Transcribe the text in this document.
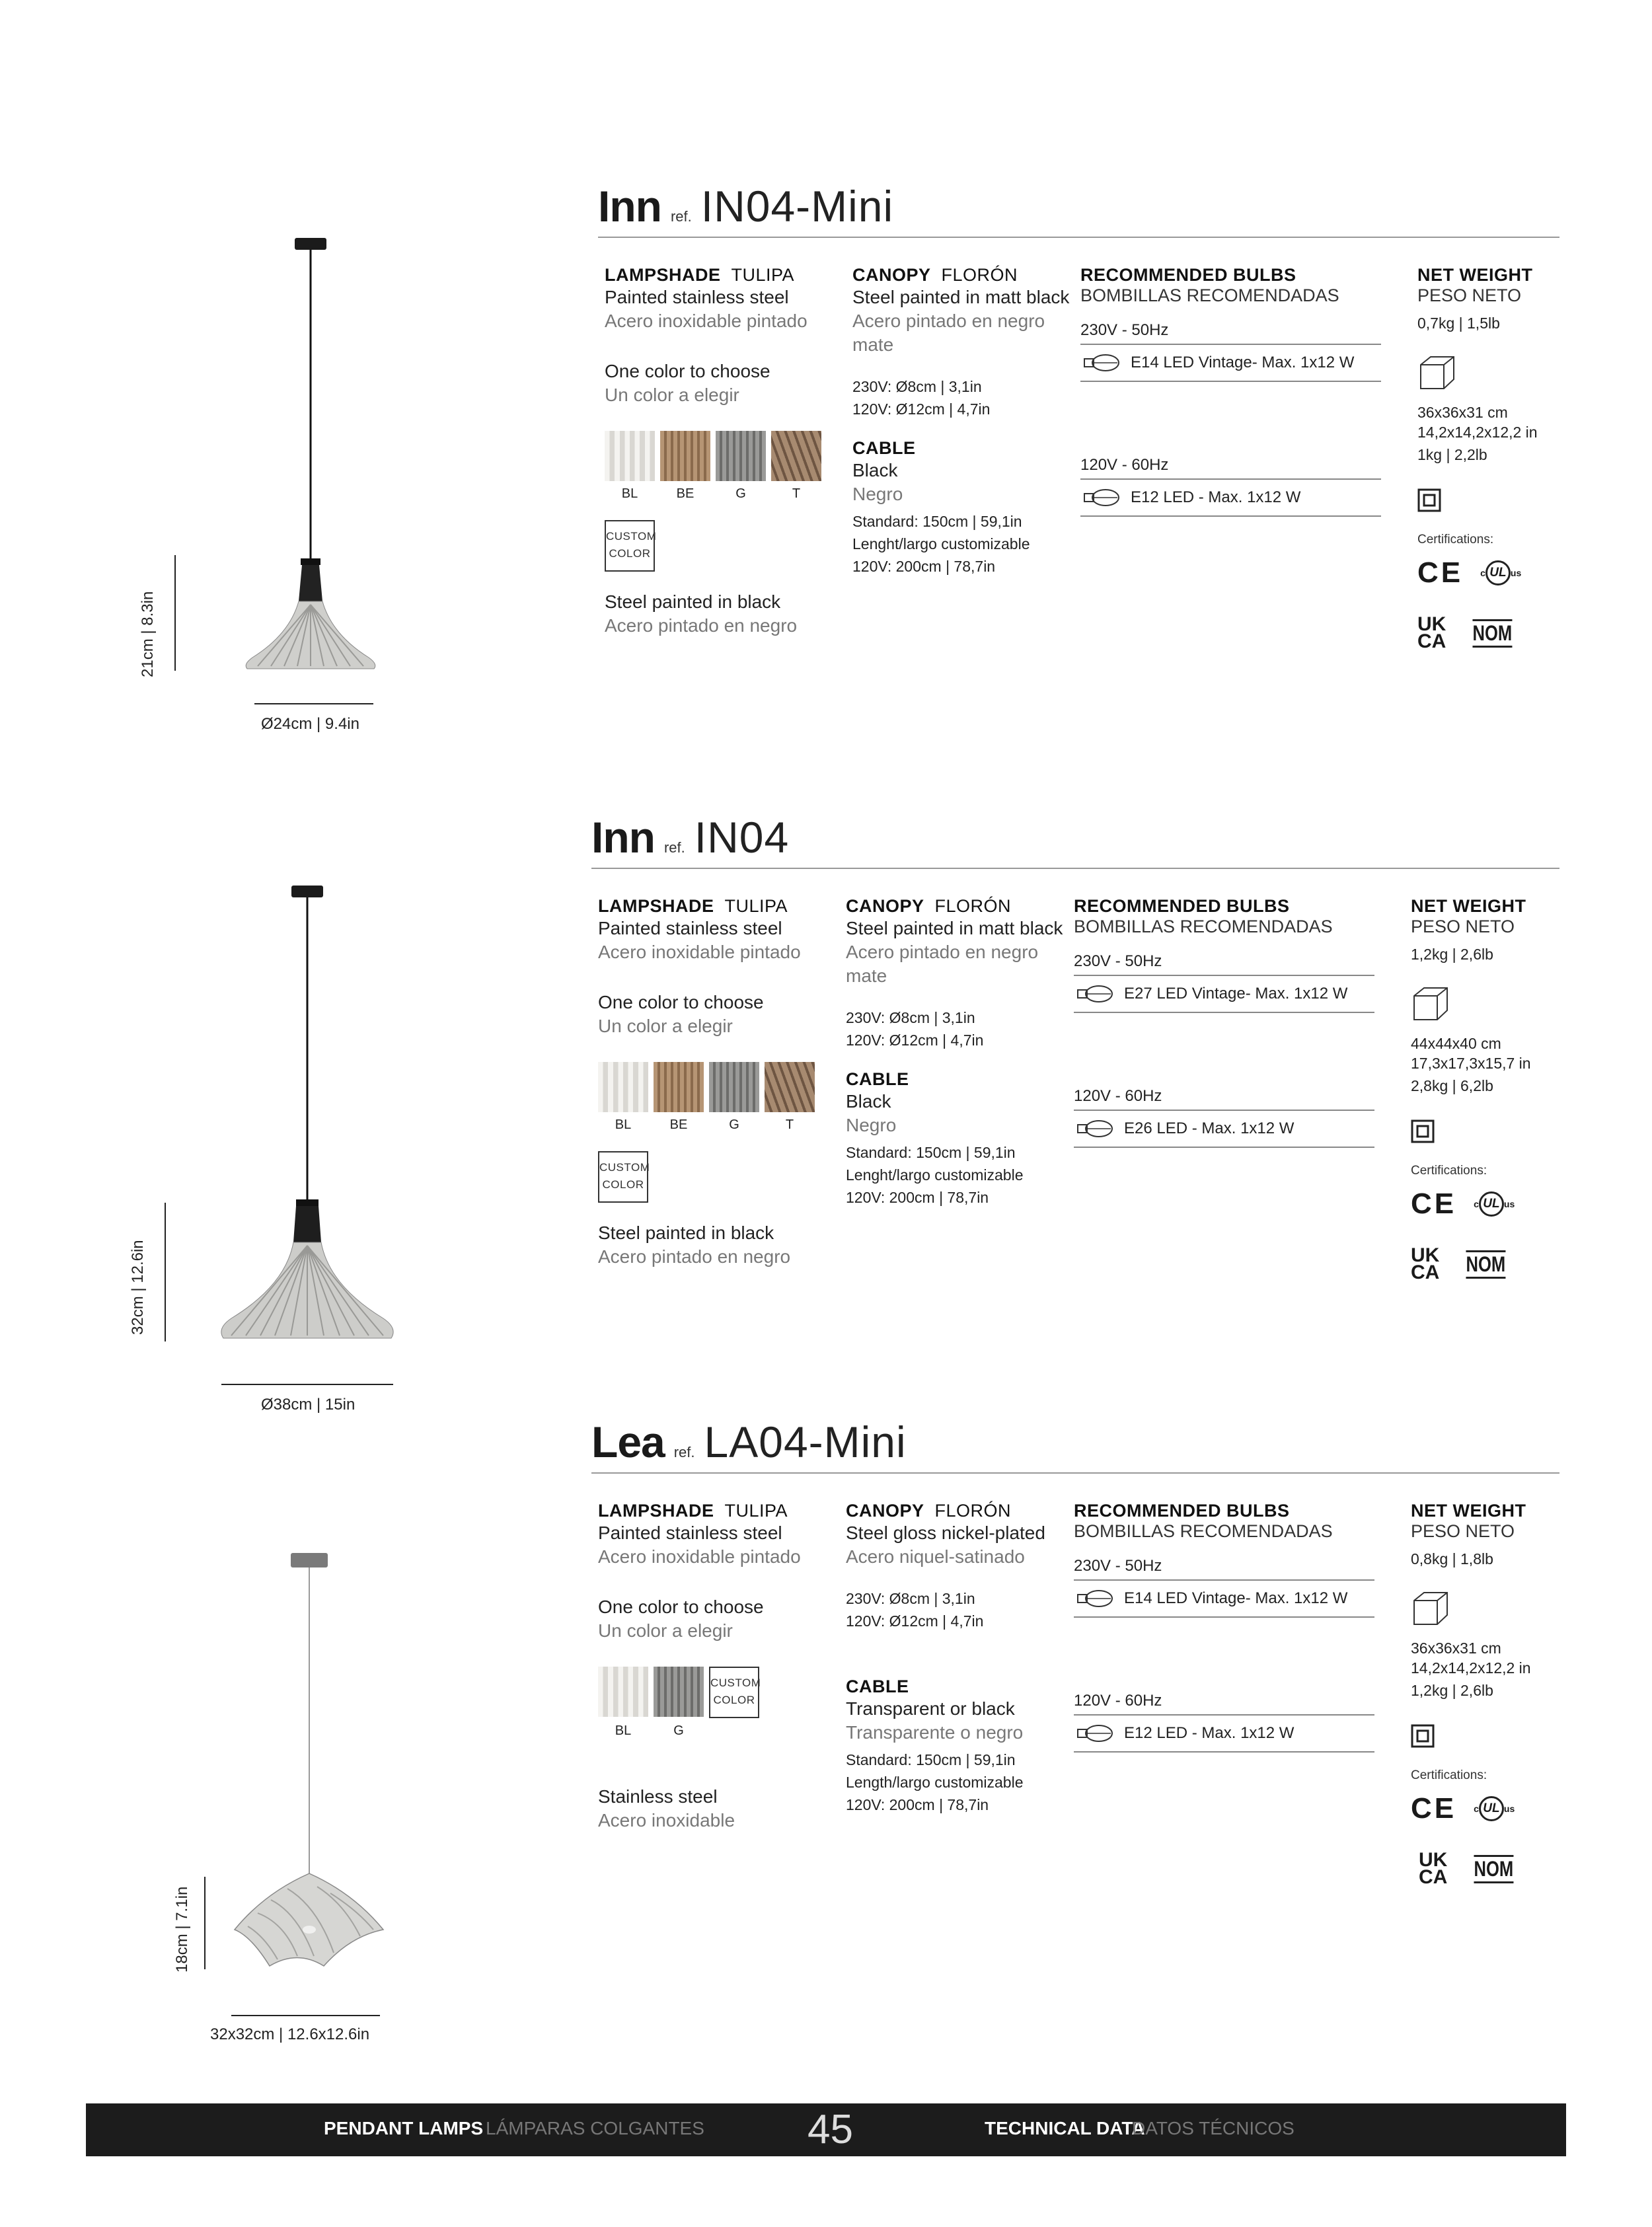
21cm | 8.3in
Ø24cm | 9.4in
Inn ref. IN04-Mini
LAMPSHADE TULIPA
Painted stainless steel
Acero inoxidable pintado
One color to choose
Un color a elegir
BL	BE	G	T
CUSTOM
COLOR
Steel painted in black
Acero pintado en negro
CANOPY FLORÓN
Steel painted in matt black
Acero pintado en negro mate
230V: Ø8cm | 3,1in
120V: Ø12cm | 4,7in
CABLE
Black
Negro
Standard: 150cm | 59,1in
Lenght/largo customizable
120V: 200cm | 78,7in
RECOMMENDED BULBS
BOMBILLAS RECOMENDADAS
230V - 50Hz
E14 LED Vintage- Max. 1x12 W
120V - 60Hz
E12 LED - Max. 1x12 W
NET WEIGHT
PESO NETO
0,7kg | 1,5lb
36x36x31 cm
14,2x14,2x12,2 in
1kg | 2,2lb
Certifications:
CE c UL us
UK CA	NOM
32cm | 12.6in
Ø38cm | 15in
Inn ref. IN04
LAMPSHADE TULIPA
Painted stainless steel
Acero inoxidable pintado
One color to choose
Un color a elegir
BL	BE	G	T
CUSTOM
COLOR
Steel painted in black
Acero pintado en negro
CANOPY FLORÓN
Steel painted in matt black
Acero pintado en negro mate
230V: Ø8cm | 3,1in
120V: Ø12cm | 4,7in
CABLE
Black
Negro
Standard: 150cm | 59,1in
Lenght/largo customizable
120V: 200cm | 78,7in
RECOMMENDED BULBS
BOMBILLAS RECOMENDADAS
230V - 50Hz
E27 LED Vintage- Max. 1x12 W
120V - 60Hz
E26 LED - Max. 1x12 W
NET WEIGHT
PESO NETO
1,2kg | 2,6lb
44x44x40 cm
17,3x17,3x15,7 in
2,8kg | 6,2lb
Certifications:
CE c UL us
UK CA	NOM
18cm | 7.1in
32x32cm | 12.6x12.6in
Lea ref. LA04-Mini
LAMPSHADE TULIPA
Painted stainless steel
Acero inoxidable pintado
One color to choose
Un color a elegir
CUSTOM
COLOR
BL	G
Stainless steel
Acero inoxidable
CANOPY FLORÓN
Steel gloss nickel-plated
Acero niquel-satinado
230V: Ø8cm | 3,1in
120V: Ø12cm | 4,7in
CABLE
Transparent or black
Transparente o negro
Standard: 150cm | 59,1in
Length/largo customizable
120V: 200cm | 78,7in
RECOMMENDED BULBS
BOMBILLAS RECOMENDADAS
230V - 50Hz
E14 LED Vintage- Max. 1x12 W
120V - 60Hz
E12 LED - Max. 1x12 W
NET WEIGHT
PESO NETO
0,8kg | 1,8lb
36x36x31 cm
14,2x14,2x12,2 in
1,2kg | 2,6lb
Certifications:
CE c UL us
UK CA	NOM
PENDANT LAMPS LÁMPARAS COLGANTES	45	TECHNICAL DATA
DATOS TÉCNICOS
